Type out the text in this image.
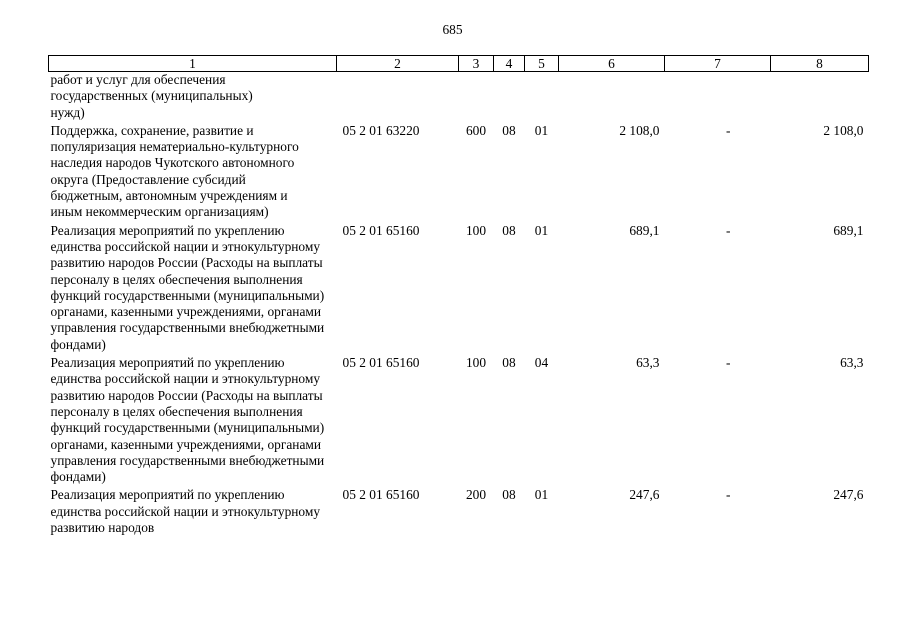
685
1	2	3	4	5	6	7	8
работ и услуг для обеспечения государственных (муниципальных) нужд)							
Поддержка, сохранение, развитие и популяризация нематериально-культурного наследия народов Чукотского автономного округа (Предоставление субсидий бюджетным, автономным учреждениям и иным некоммерческим организациям)	05 2 01 63220	600	08	01	2 108,0	-	2 108,0
Реализация мероприятий по укреплению единства российской нации и этнокультурному развитию народов России (Расходы на выплаты персоналу в целях обеспечения выполнения функций государственными (муниципальными) органами, казенными учреждениями, органами управления государственными внебюджетными фондами)	05 2 01 65160	100	08	01	689,1	-	689,1
Реализация мероприятий по укреплению единства российской нации и этнокультурному развитию народов России (Расходы на выплаты персоналу в целях обеспечения выполнения функций государственными (муниципальными) органами, казенными учреждениями, органами управления государственными внебюджетными фондами)	05 2 01 65160	100	08	04	63,3	-	63,3
Реализация мероприятий по укреплению единства российской нации и этнокультурному развитию народов	05 2 01 65160	200	08	01	247,6	-	247,6
